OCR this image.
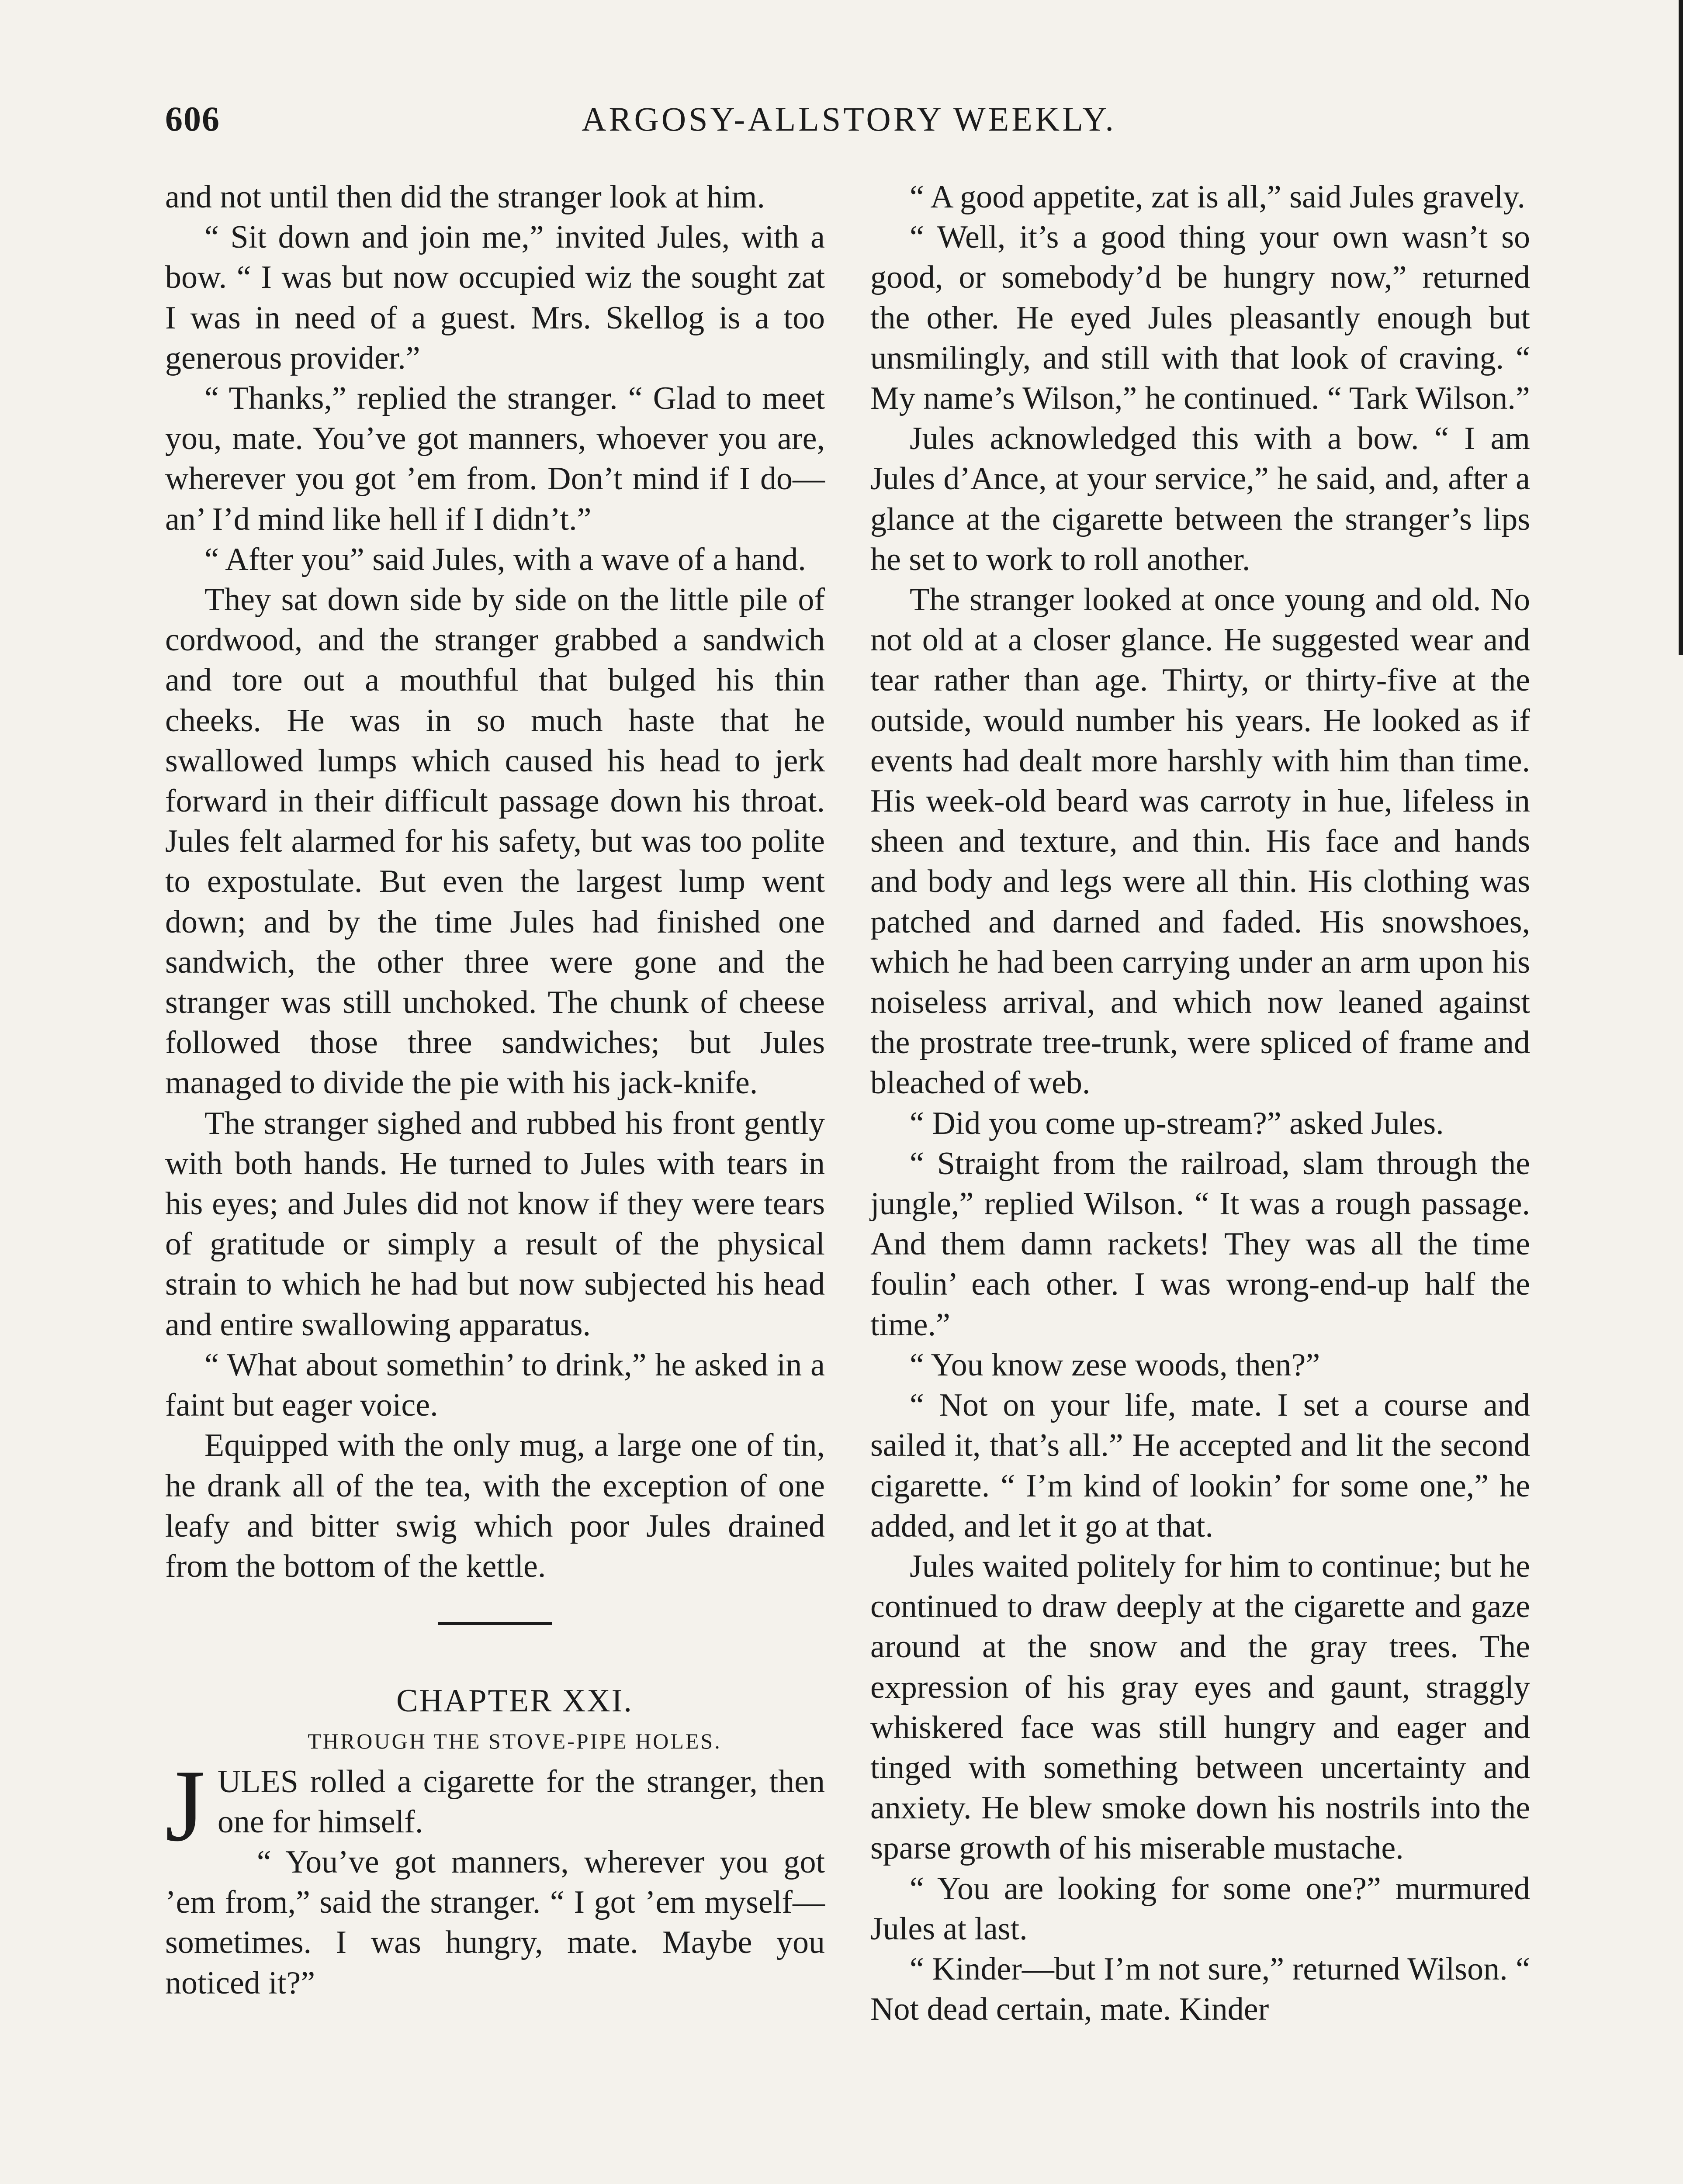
606	ARGOSY-ALLSTORY WEEKLY.

and not until then did the stranger look at him.

“ Sit down and join me,” invited Jules, with a bow. “ I was but now occupied wiz the sought zat I was in need of a guest. Mrs. Skellog is a too generous provider.”

“ Thanks,” replied the stranger. “ Glad to meet you, mate. You’ve got manners, whoever you are, wherever you got ’em from. Don’t mind if I do—an’ I’d mind like hell if I didn’t.”

“ After you” said Jules, with a wave of a hand.

They sat down side by side on the little pile of cordwood, and the stranger grabbed a sandwich and tore out a mouthful that bulged his thin cheeks. He was in so much haste that he swallowed lumps which caused his head to jerk forward in their difficult passage down his throat. Jules felt alarmed for his safety, but was too polite to expostulate. But even the largest lump went down; and by the time Jules had finished one sandwich, the other three were gone and the stranger was still unchoked. The chunk of cheese followed those three sandwiches; but Jules managed to divide the pie with his jack-knife.

The stranger sighed and rubbed his front gently with both hands. He turned to Jules with tears in his eyes; and Jules did not know if they were tears of gratitude or simply a result of the physical strain to which he had but now subjected his head and entire swallowing apparatus.

“ What about somethin’ to drink,” he asked in a faint but eager voice.

Equipped with the only mug, a large one of tin, he drank all of the tea, with the exception of one leafy and bitter swig which poor Jules drained from the bottom of the kettle.

CHAPTER XXI.

THROUGH THE STOVE-PIPE HOLES.

JULES rolled a cigarette for the stranger, then one for himself.

“ You’ve got manners, wherever you got ’em from,” said the stranger. “ I got ’em myself—sometimes. I was hungry, mate. Maybe you noticed it?”

“ A good appetite, zat is all,” said Jules gravely.

“ Well, it’s a good thing your own wasn’t so good, or somebody’d be hungry now,” returned the other. He eyed Jules pleasantly enough but unsmilingly, and still with that look of craving. “ My name’s Wilson,” he continued. “ Tark Wilson.”

Jules acknowledged this with a bow. “ I am Jules d’Ance, at your service,” he said, and, after a glance at the cigarette between the stranger’s lips he set to work to roll another.

The stranger looked at once young and old. No not old at a closer glance. He suggested wear and tear rather than age. Thirty, or thirty-five at the outside, would number his years. He looked as if events had dealt more harshly with him than time. His week-old beard was carroty in hue, lifeless in sheen and texture, and thin. His face and hands and body and legs were all thin. His clothing was patched and darned and faded. His snowshoes, which he had been carrying under an arm upon his noiseless arrival, and which now leaned against the prostrate tree-trunk, were spliced of frame and bleached of web.

“ Did you come up-stream?” asked Jules.

“ Straight from the railroad, slam through the jungle,” replied Wilson. “ It was a rough passage. And them damn rackets! They was all the time foulin’ each other. I was wrong-end-up half the time.”

“ You know zese woods, then?”

“ Not on your life, mate. I set a course and sailed it, that’s all.” He accepted and lit the second cigarette. “ I’m kind of lookin’ for some one,” he added, and let it go at that.

Jules waited politely for him to continue; but he continued to draw deeply at the cigarette and gaze around at the snow and the gray trees. The expression of his gray eyes and gaunt, straggly whiskered face was still hungry and eager and tinged with something between uncertainty and anxiety. He blew smoke down his nostrils into the sparse growth of his miserable mustache.

“ You are looking for some one?” murmured Jules at last.

“ Kinder—but I’m not sure,” returned Wilson. “ Not dead certain, mate. Kinder
